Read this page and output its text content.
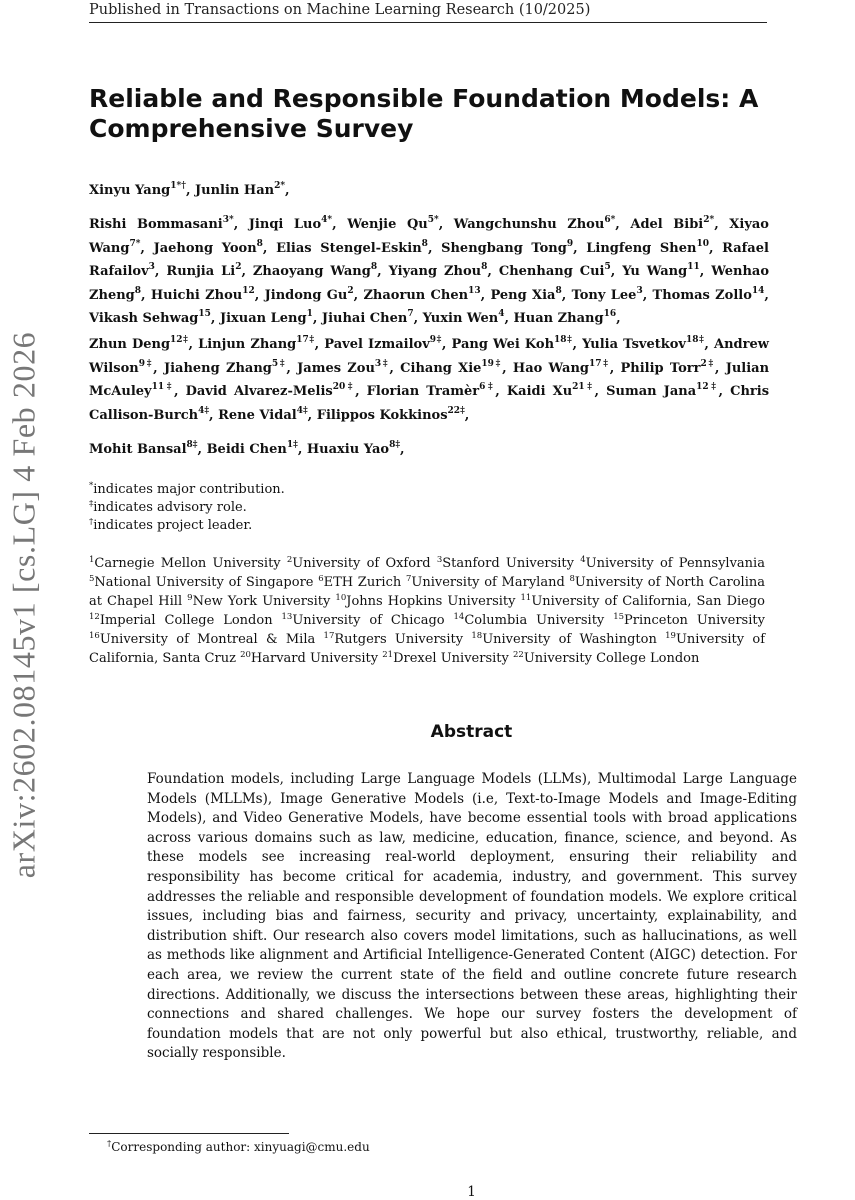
Published in Transactions on Machine Learning Research (10/2025)
arXiv:2602.08145v1 [cs.LG] 4 Feb 2026
Reliable and Responsible Foundation Models: A Comprehensive Survey

Xinyu Yang$^{1*\dagger}$, Junlin Han$^{2*}$,

Rishi Bommasani$^{3*}$, Jinqi Luo$^{4*}$, Wenjie $Qu^{5*}$, Wangchunshu Zhou$^{6*}$, Adel Bibi$^{2*}$, Xiyao Wang$^{7*}$, Jaehong Yoon$^8$, Elias Stengel-Eskin$^8$, Shengbang Tong$^9$, Lingfeng Shen$^{10}$, Rafael Rafailov$^3$, Runjia Li$^2$, Zhaoyang Wang$^8$, Yiyang Zhou$^8$, Chenhang Cui$^5$, Yu Wang$^{11}$, Wenhao Zheng$^8$, Huichi Zhou$^{12}$, Jindong Gu$^2$, Zhaorun Chen$^{13}$, Peng Xia$^8$, Tony Lee$^3$, Thomas Zollo$^{14}$, Vikash Sehwag$^{15}$, Jixuan Leng$^1$, Jiuhai Chen$^7$, Yuxin Wen$^4$, Huan Zhang$^{16}$,

Zhun Deng$^{12\ddagger}$, Linjun Zhang$^{17\ddagger}$, Pavel Izmailov$^{9\ddagger}$, Pang Wei Koh$^{18\ddagger}$, Yulia Tsvetkov$^{18\ddagger}$, Andrew Wilson$^{9\ddagger}$, Jiaheng Zhang$^{5\ddagger}$, James Zou$^{3\ddagger}$, Cihang Xie$^{19\ddagger}$, Hao Wang$^{17\ddagger}$, Philip Torr$^{2\ddagger}$, Julian McAuley$^{11\ddagger}$, David Alvarez-Melis$^{20\ddagger}$, Florian Tramèr$^{6\ddagger}$, Kaidi $Xu^{21\ddagger}$, Suman Jana$^{12\ddagger}$, Chris Callison-Burch$^{4\ddagger}$, Rene Vidal$^{4\ddagger}$, Filippos Kokkinos$^{22\ddagger}$,

Mohit Bansal$^{8\ddagger}$, Beidi Chen$^{1\ddagger}$, Huaxiu Yao$^{8\ddagger}$,

*indicates major contribution.
‡indicates advisory role.
†indicates project leader.

$^1$Carnegie Mellon University $^2$University of Oxford $^3$Stanford University $^4$University of Pennsylvania $^5$National University of Singapore $^6$ETH Zurich $^7$University of Maryland $^8$University of North Carolina at Chapel Hill $^9$New York University $^{10}$Johns Hopkins University $^{11}$University of California, San Diego $^{12}$Imperial College London $^{13}$University of Chicago $^{14}$Columbia University $^{15}$Princeton University $^{16}$University of Montreal & Mila $^{17}$Rutgers University $^{18}$University of Washington $^{19}$University of California, Santa Cruz $^{20}$Harvard University $^{21}$Drexel University $^{22}$University College London

Abstract

Foundation models, including Large Language Models (LLMs), Multimodal Large Language Models (MLLMs), Image Generative Models (i.e, Text-to-Image Models and Image-Editing Models), and Video Generative Models, have become essential tools with broad applications across various domains such as law, medicine, education, finance, science, and beyond. As these models see increasing real-world deployment, ensuring their reliability and responsibility has become critical for academia, industry, and government. This survey addresses the reliable and responsible development of foundation models. We explore critical issues, including bias and fairness, security and privacy, uncertainty, explainability, and distribution shift. Our research also covers model limitations, such as hallucinations, as well as methods like alignment and Artificial Intelligence-Generated Content (AIGC) detection. For each area, we review the current state of the field and outline concrete future research directions. Additionally, we discuss the intersections between these areas, highlighting their connections and shared challenges. We hope our survey fosters the development of foundation models that are not only powerful but also ethical, trustworthy, reliable, and socially responsible.

†Corresponding author: xinyuagi@cmu.edu
1
